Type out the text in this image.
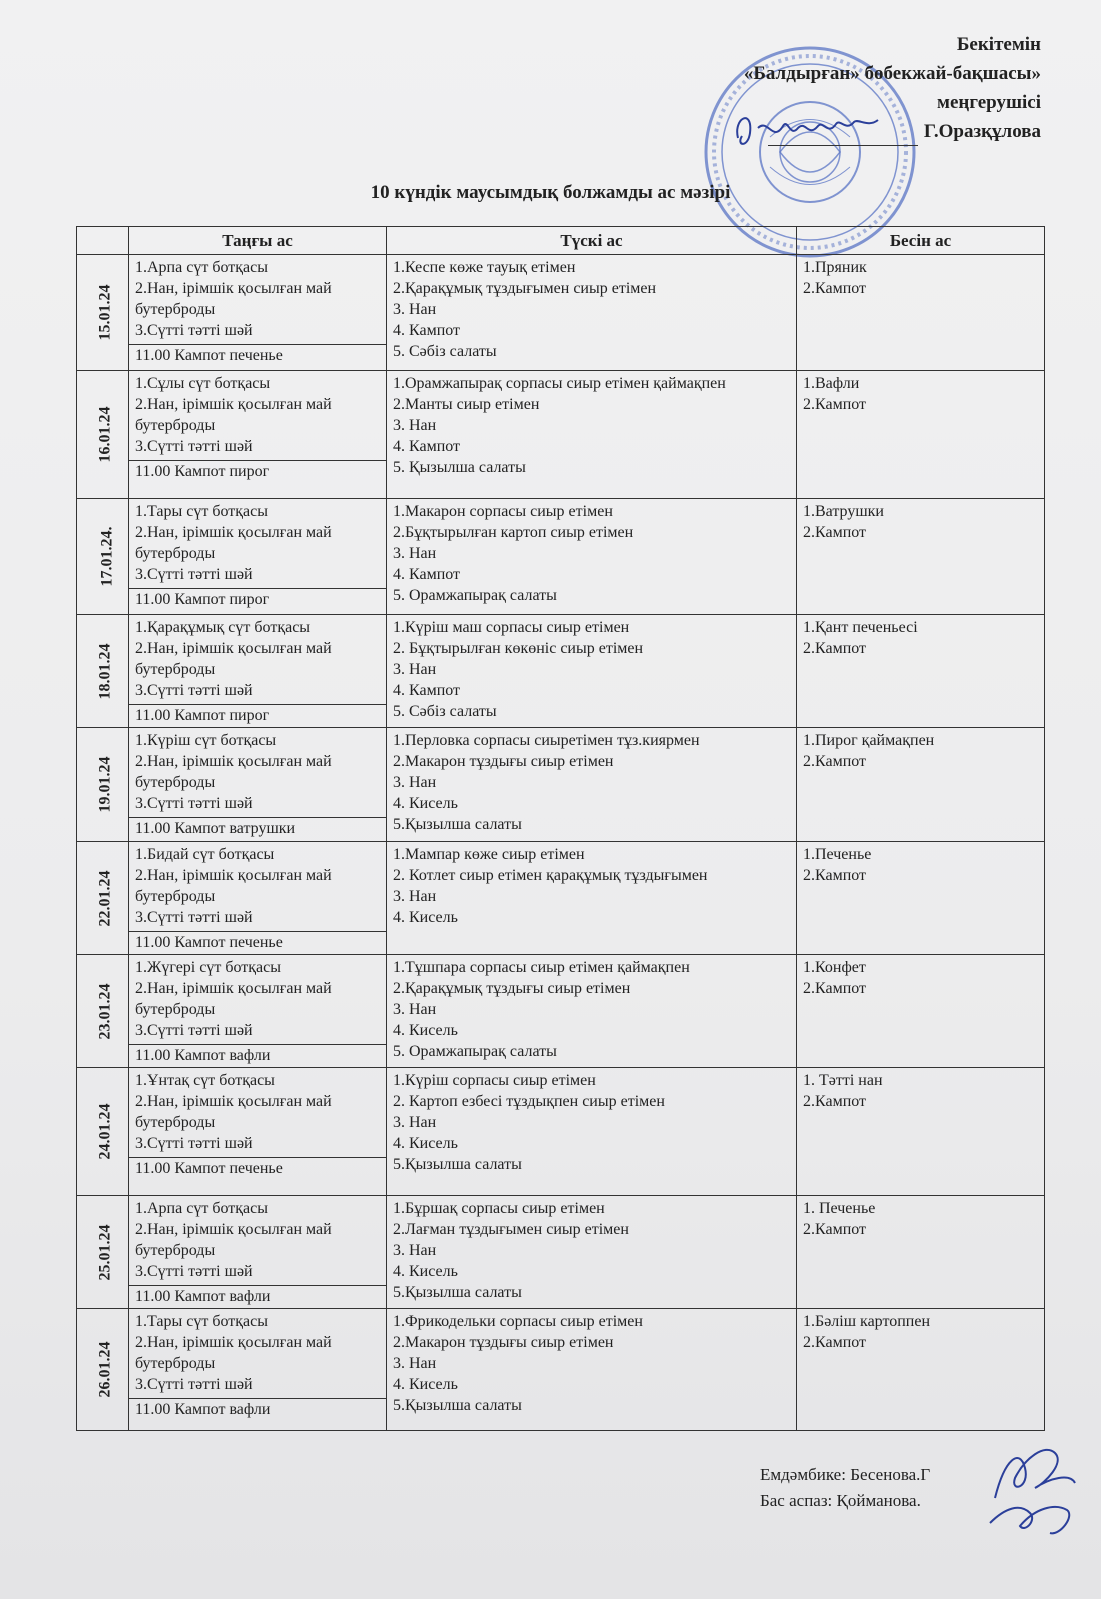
Бекітемін
«Балдырған» бөбекжай-бақшасы»
меңгерушісі
Г.Оразқұлова
10 күндік маусымдық болжамды ас мәзірі
	Таңғы ас	Түскі ас	Бесін ас
15.01.24	1.Арпа сүт ботқасы
2.Нан, ірімшік қосылған май бутерброды
3.Сүтті тәтті шәй
11.00 Кампот печенье	1.Кеспе көже тауық етімен
2.Қарақұмық тұздығымен сиыр етімен
3. Нан
4. Кампот
5. Сәбіз салаты	1.Пряник
2.Кампот

16.01.24	1.Сұлы сүт ботқасы
2.Нан, ірімшік қосылған май бутерброды
3.Сүтті тәтті шәй
11.00 Кампот пирог	1.Орамжапырақ сорпасы сиыр етімен қаймақпен
2.Манты сиыр етімен
3. Нан
4. Кампот
5. Қызылша салаты	1.Вафли
2.Кампот

17.01.24.	1.Тары сүт ботқасы
2.Нан, ірімшік қосылған май бутерброды
3.Сүтті тәтті шәй
11.00 Кампот пирог	1.Макарон сорпасы сиыр етімен
2.Бұқтырылған картоп сиыр етімен
3. Нан
4. Кампот
5. Орамжапырақ салаты	1.Ватрушки
2.Кампот

18.01.24	1.Қарақұмық сүт ботқасы
2.Нан, ірімшік қосылған май бутерброды
3.Сүтті тәтті шәй
11.00 Кампот пирог	1.Күріш маш сорпасы сиыр етімен
2. Бұқтырылған көкөніс сиыр етімен
3. Нан
4. Кампот
5. Сәбіз салаты	1.Қант печеньесі
2.Кампот

19.01.24	1.Күріш сүт ботқасы
2.Нан, ірімшік қосылған май бутерброды
3.Сүтті тәтті шәй
11.00 Кампот ватрушки	1.Перловка сорпасы сиыретімен тұз.киярмен
2.Макарон тұздығы сиыр етімен
3. Нан
4. Кисель
5.Қызылша салаты	1.Пирог қаймақпен
2.Кампот

22.01.24	1.Бидай сүт ботқасы
2.Нан, ірімшік қосылған май бутерброды
3.Сүтті тәтті шәй
11.00 Кампот печенье	1.Мампар көже сиыр етімен
2. Котлет сиыр етімен қарақұмық тұздығымен
3. Нан
4. Кисель	1.Печенье
2.Кампот

23.01.24	1.Жүгері сүт ботқасы
2.Нан, ірімшік қосылған май бутерброды
3.Сүтті тәтті шәй
11.00 Кампот вафли	1.Тұшпара сорпасы сиыр етімен қаймақпен
2.Қарақұмық тұздығы сиыр етімен
3. Нан
4. Кисель
5. Орамжапырақ салаты	1.Конфет
2.Кампот

24.01.24	1.Ұнтақ сүт ботқасы
2.Нан, ірімшік қосылған май бутерброды
3.Сүтті тәтті шәй
11.00 Кампот печенье	1.Күріш сорпасы сиыр етімен
2. Картоп езбесі тұздықпен сиыр етімен
3. Нан
4. Кисель
5.Қызылша салаты	1. Тәтті нан
2.Кампот

25.01.24	1.Арпа сүт ботқасы
2.Нан, ірімшік қосылған май бутерброды
3.Сүтті тәтті шәй
11.00 Кампот вафли	1.Бұршақ сорпасы сиыр етімен
2.Лағман тұздығымен сиыр етімен
3. Нан
4. Кисель
5.Қызылша салаты	1. Печенье
2.Кампот

26.01.24	1.Тары сүт ботқасы
2.Нан, ірімшік қосылған май бутерброды
3.Сүтті тәтті шәй
11.00 Кампот вафли	1.Фрикодельки сорпасы сиыр етімен
2.Макарон тұздығы сиыр етімен
3. Нан
4. Кисель
5.Қызылша салаты	1.Бәліш картоппен
2.Кампот
Емдәмбике: Бесенова.Г
Бас аспаз: Қойманова.
